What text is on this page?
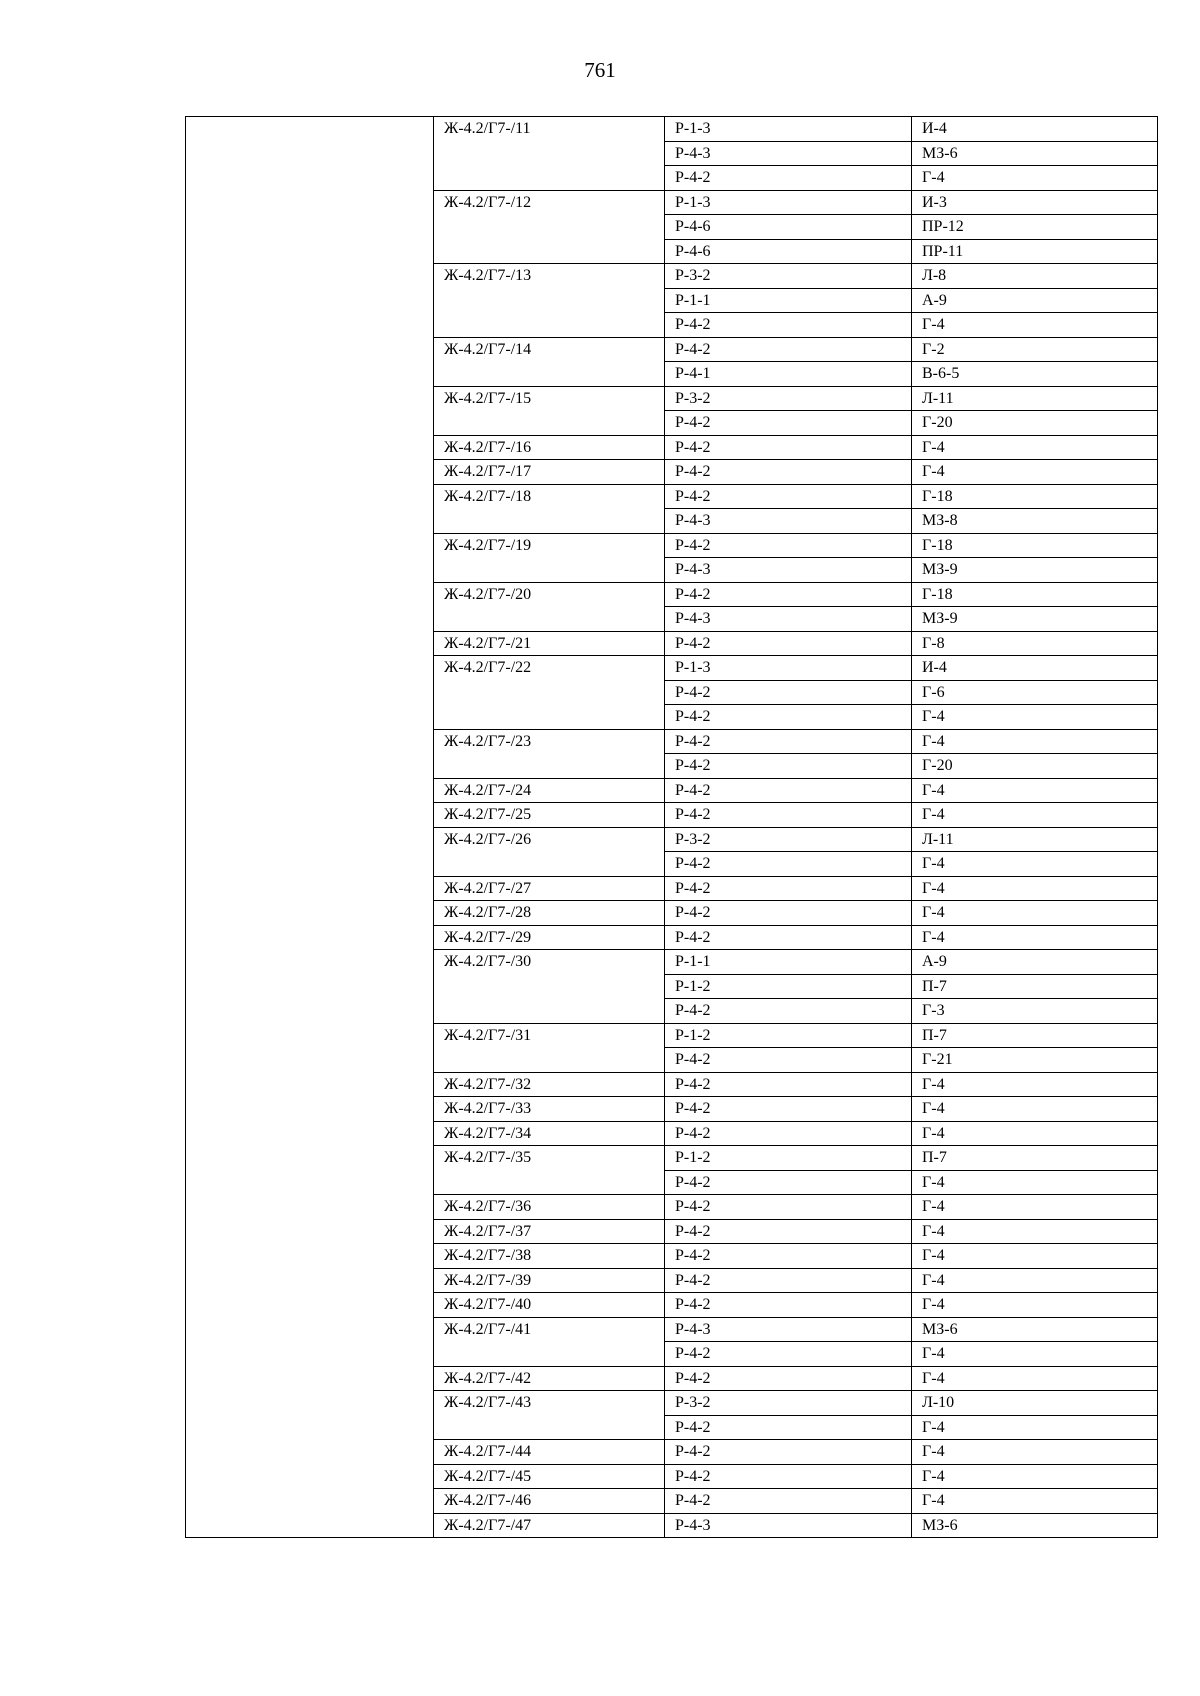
761
	Ж-4.2/Г7-/11	Р-1-3	И-4
		Р-4-3	МЗ-6
		Р-4-2	Г-4
	Ж-4.2/Г7-/12	Р-1-3	И-3
		Р-4-6	ПР-12
		Р-4-6	ПР-11
	Ж-4.2/Г7-/13	Р-3-2	Л-8
		Р-1-1	А-9
		Р-4-2	Г-4
	Ж-4.2/Г7-/14	Р-4-2	Г-2
		Р-4-1	В-6-5
	Ж-4.2/Г7-/15	Р-3-2	Л-11
		Р-4-2	Г-20
	Ж-4.2/Г7-/16	Р-4-2	Г-4
	Ж-4.2/Г7-/17	Р-4-2	Г-4
	Ж-4.2/Г7-/18	Р-4-2	Г-18
		Р-4-3	МЗ-8
	Ж-4.2/Г7-/19	Р-4-2	Г-18
		Р-4-3	МЗ-9
	Ж-4.2/Г7-/20	Р-4-2	Г-18
		Р-4-3	МЗ-9
	Ж-4.2/Г7-/21	Р-4-2	Г-8
	Ж-4.2/Г7-/22	Р-1-3	И-4
		Р-4-2	Г-6
		Р-4-2	Г-4
	Ж-4.2/Г7-/23	Р-4-2	Г-4
		Р-4-2	Г-20
	Ж-4.2/Г7-/24	Р-4-2	Г-4
	Ж-4.2/Г7-/25	Р-4-2	Г-4
	Ж-4.2/Г7-/26	Р-3-2	Л-11
		Р-4-2	Г-4
	Ж-4.2/Г7-/27	Р-4-2	Г-4
	Ж-4.2/Г7-/28	Р-4-2	Г-4
	Ж-4.2/Г7-/29	Р-4-2	Г-4
	Ж-4.2/Г7-/30	Р-1-1	А-9
		Р-1-2	П-7
		Р-4-2	Г-3
	Ж-4.2/Г7-/31	Р-1-2	П-7
		Р-4-2	Г-21
	Ж-4.2/Г7-/32	Р-4-2	Г-4
	Ж-4.2/Г7-/33	Р-4-2	Г-4
	Ж-4.2/Г7-/34	Р-4-2	Г-4
	Ж-4.2/Г7-/35	Р-1-2	П-7
		Р-4-2	Г-4
	Ж-4.2/Г7-/36	Р-4-2	Г-4
	Ж-4.2/Г7-/37	Р-4-2	Г-4
	Ж-4.2/Г7-/38	Р-4-2	Г-4
	Ж-4.2/Г7-/39	Р-4-2	Г-4
	Ж-4.2/Г7-/40	Р-4-2	Г-4
	Ж-4.2/Г7-/41	Р-4-3	МЗ-6
		Р-4-2	Г-4
	Ж-4.2/Г7-/42	Р-4-2	Г-4
	Ж-4.2/Г7-/43	Р-3-2	Л-10
		Р-4-2	Г-4
	Ж-4.2/Г7-/44	Р-4-2	Г-4
	Ж-4.2/Г7-/45	Р-4-2	Г-4
	Ж-4.2/Г7-/46	Р-4-2	Г-4
	Ж-4.2/Г7-/47	Р-4-3	МЗ-6
